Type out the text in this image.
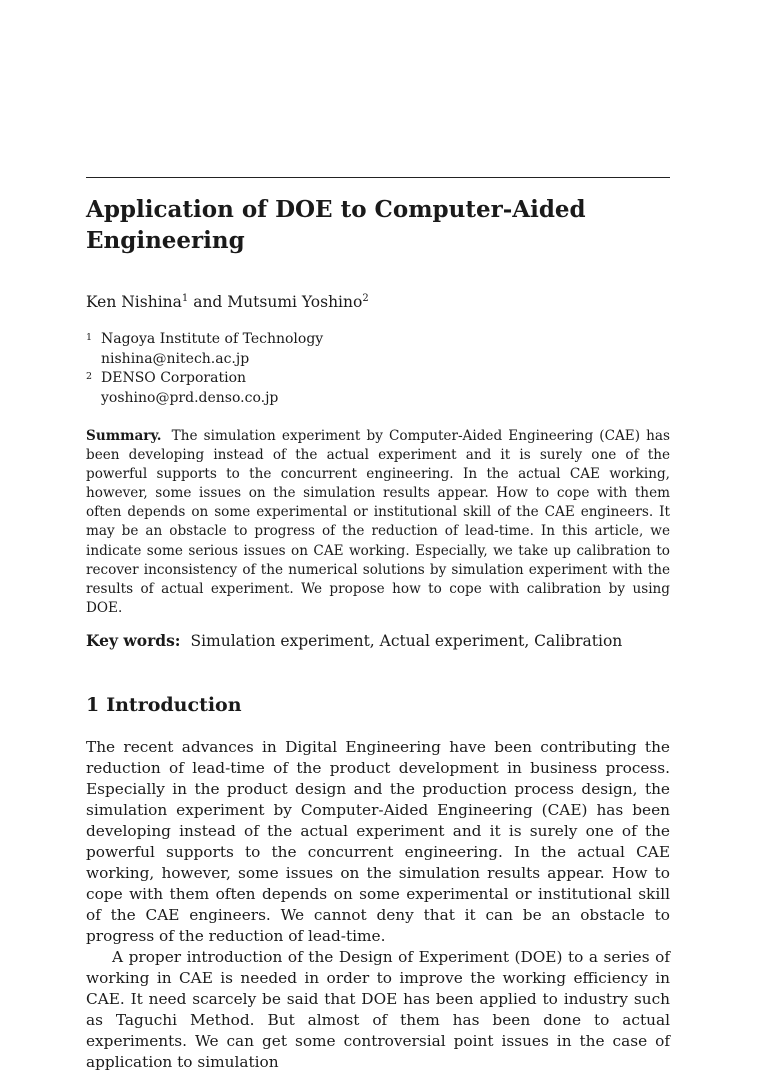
Application of DOE to Computer-Aided Engineering
Ken Nishina$^1$ and Mutsumi Yoshino$^2$
1 Nagoya Institute of Technology
nishina@nitech.ac.jp
2 DENSO Corporation
yoshino@prd.denso.co.jp

Summary. The simulation experiment by Computer-Aided Engineering (CAE) has been developing instead of the actual experiment and it is surely one of the powerful supports to the concurrent engineering. In the actual CAE working, however, some issues on the simulation results appear. How to cope with them often depends on some experimental or institutional skill of the CAE engineers. It may be an obstacle to progress of the reduction of lead-time. In this article, we indicate some serious issues on CAE working. Especially, we take up calibration to recover inconsistency of the numerical solutions by simulation experiment with the results of actual experiment. We propose how to cope with calibration by using DOE.

Key words: Simulation experiment, Actual experiment, Calibration
1 Introduction

The recent advances in Digital Engineering have been contributing the reduction of lead-time of the product development in business process. Especially in the product design and the production process design, the simulation experiment by Computer-Aided Engineering (CAE) has been developing instead of the actual experiment and it is surely one of the powerful supports to the concurrent engineering. In the actual CAE working, however, some issues on the simulation results appear. How to cope with them often depends on some experimental or institutional skill of the CAE engineers. We cannot deny that it can be an obstacle to progress of the reduction of lead-time.

A proper introduction of the Design of Experiment (DOE) to a series of working in CAE is needed in order to improve the working efficiency in CAE. It need scarcely be said that DOE has been applied to industry such as Taguchi Method. But almost of them has been done to actual experiments. We can get some controversial point issues in the case of application to simulation
